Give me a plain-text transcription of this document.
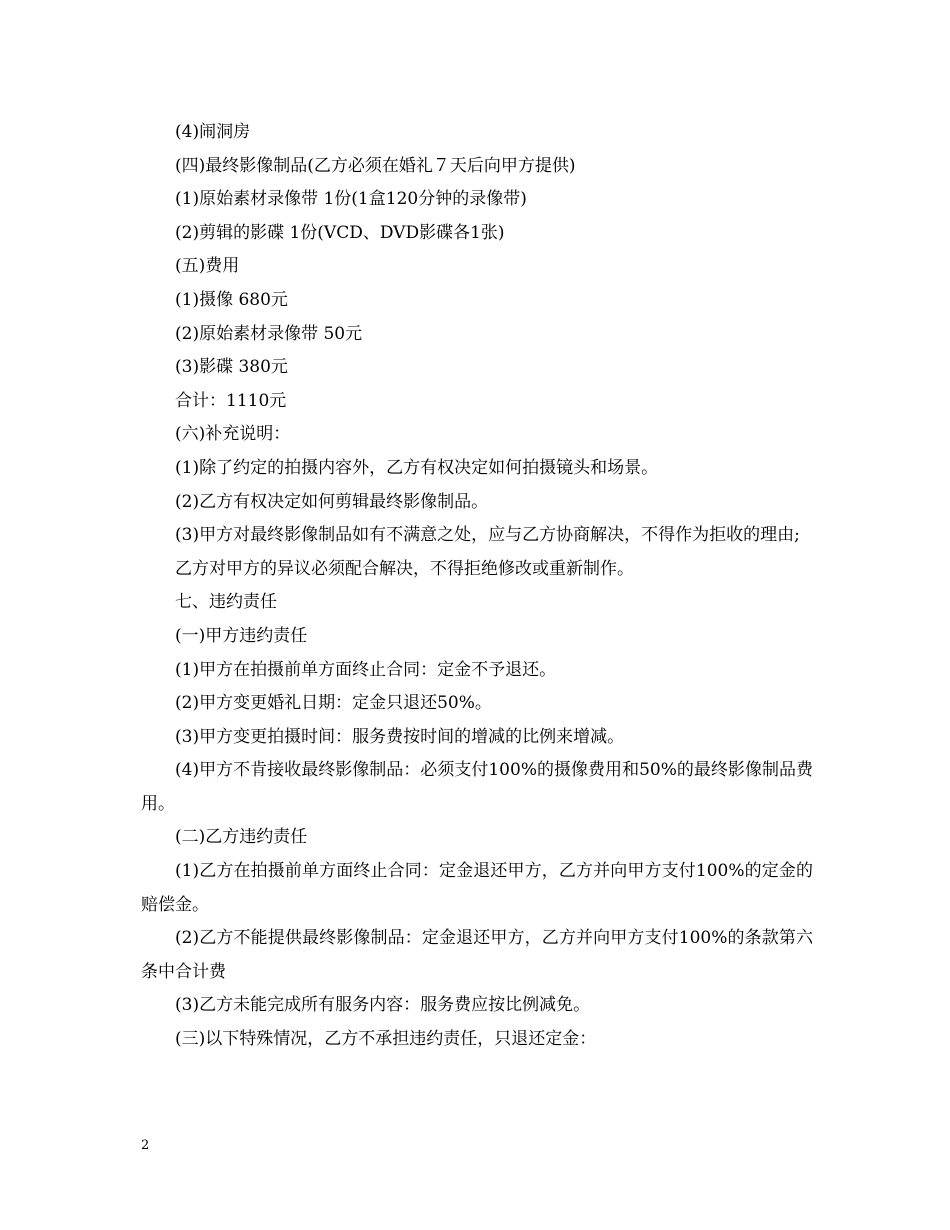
(4)闹洞房

(四)最终影像制品(乙方必须在婚礼７天后向甲方提供)

(1)原始素材录像带 1份(1盒120分钟的录像带)

(2)剪辑的影碟 1份(VCD、DVD影碟各1张)

(五)费用

(1)摄像 680元

(2)原始素材录像带 50元

(3)影碟 380元

合计：1110元

(六)补充说明：

(1)除了约定的拍摄内容外，乙方有权决定如何拍摄镜头和场景。

(2)乙方有权决定如何剪辑最终影像制品。

(3)甲方对最终影像制品如有不满意之处，应与乙方协商解决，不得作为拒收的理由;

乙方对甲方的异议必须配合解决，不得拒绝修改或重新制作。

七、违约责任

(一)甲方违约责任

(1)甲方在拍摄前单方面终止合同：定金不予退还。

(2)甲方变更婚礼日期：定金只退还50%。

(3)甲方变更拍摄时间：服务费按时间的增减的比例来增减。

(4)甲方不肯接收最终影像制品：必须支付100%的摄像费用和50%的最终影像制品费用。

(二)乙方违约责任

(1)乙方在拍摄前单方面终止合同：定金退还甲方，乙方并向甲方支付100%的定金的赔偿金。

(2)乙方不能提供最终影像制品：定金退还甲方，乙方并向甲方支付100%的条款第六条中合计费

(3)乙方未能完成所有服务内容：服务费应按比例减免。

(三)以下特殊情况，乙方不承担违约责任，只退还定金：

2
